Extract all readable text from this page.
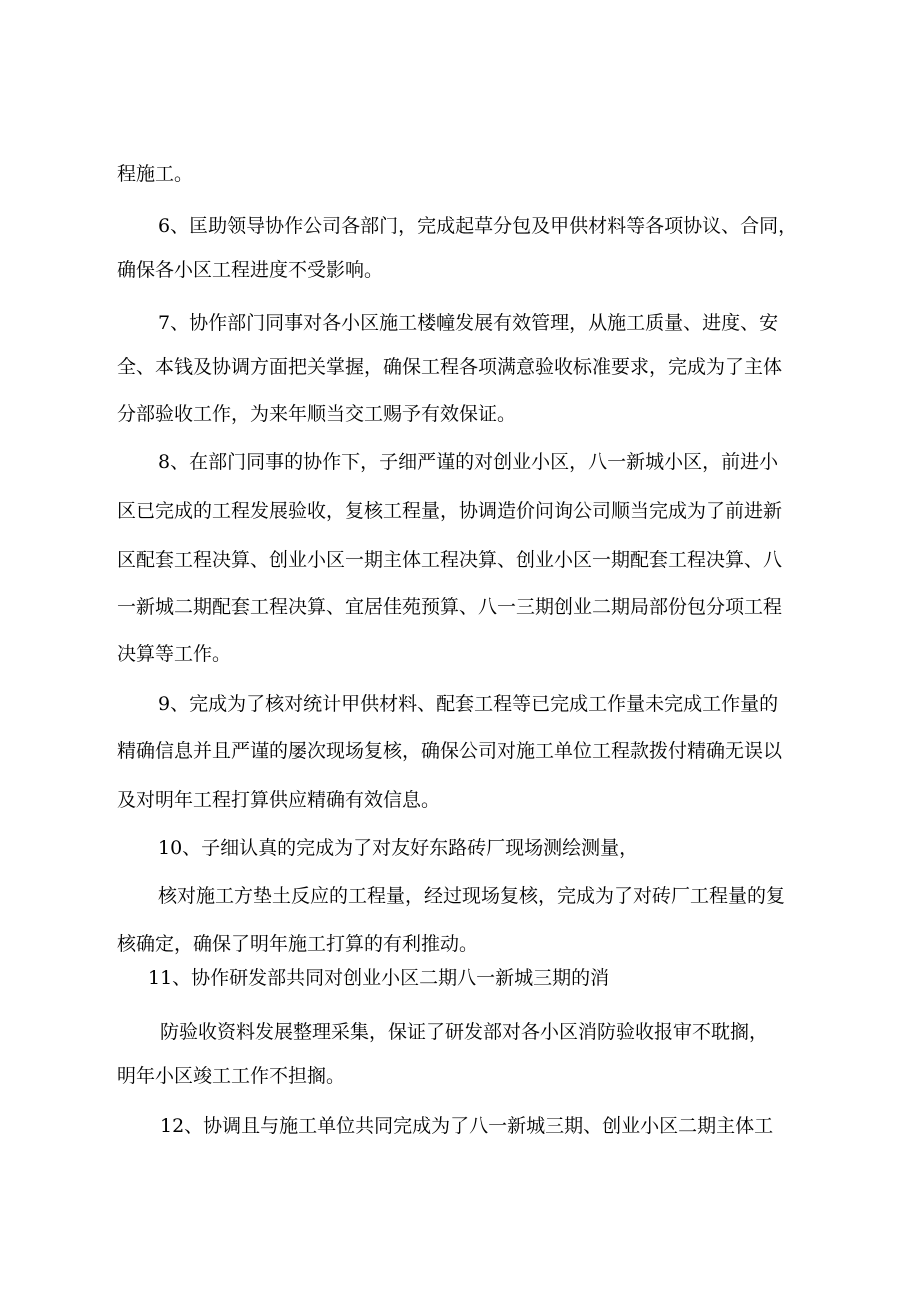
程施工。
6、匡助领导协作公司各部门，完成起草分包及甲供材料等各项协议、合同，
确保各小区工程进度不受影响。
7、协作部门同事对各小区施工楼幢发展有效管理，从施工质量、进度、安
全、本钱及协调方面把关掌握，确保工程各项满意验收标准要求，完成为了主体
分部验收工作，为来年顺当交工赐予有效保证。
8、在部门同事的协作下，子细严谨的对创业小区，八一新城小区，前进小
区已完成的工程发展验收，复核工程量，协调造价问询公司顺当完成为了前进新
区配套工程决算、创业小区一期主体工程决算、创业小区一期配套工程决算、八
一新城二期配套工程决算、宜居佳苑预算、八一三期创业二期局部份包分项工程
决算等工作。
9、完成为了核对统计甲供材料、配套工程等已完成工作量未完成工作量的
精确信息并且严谨的屡次现场复核，确保公司对施工单位工程款拨付精确无误以
及对明年工程打算供应精确有效信息。
10、子细认真的完成为了对友好东路砖厂现场测绘测量，
核对施工方垫土反应的工程量，经过现场复核，完成为了对砖厂工程量的复
核确定，确保了明年施工打算的有利推动。
11、协作研发部共同对创业小区二期八一新城三期的消
防验收资料发展整理采集，保证了研发部对各小区消防验收报审不耽搁，
明年小区竣工工作不担搁。
12、协调且与施工单位共同完成为了八一新城三期、创业小区二期主体工
